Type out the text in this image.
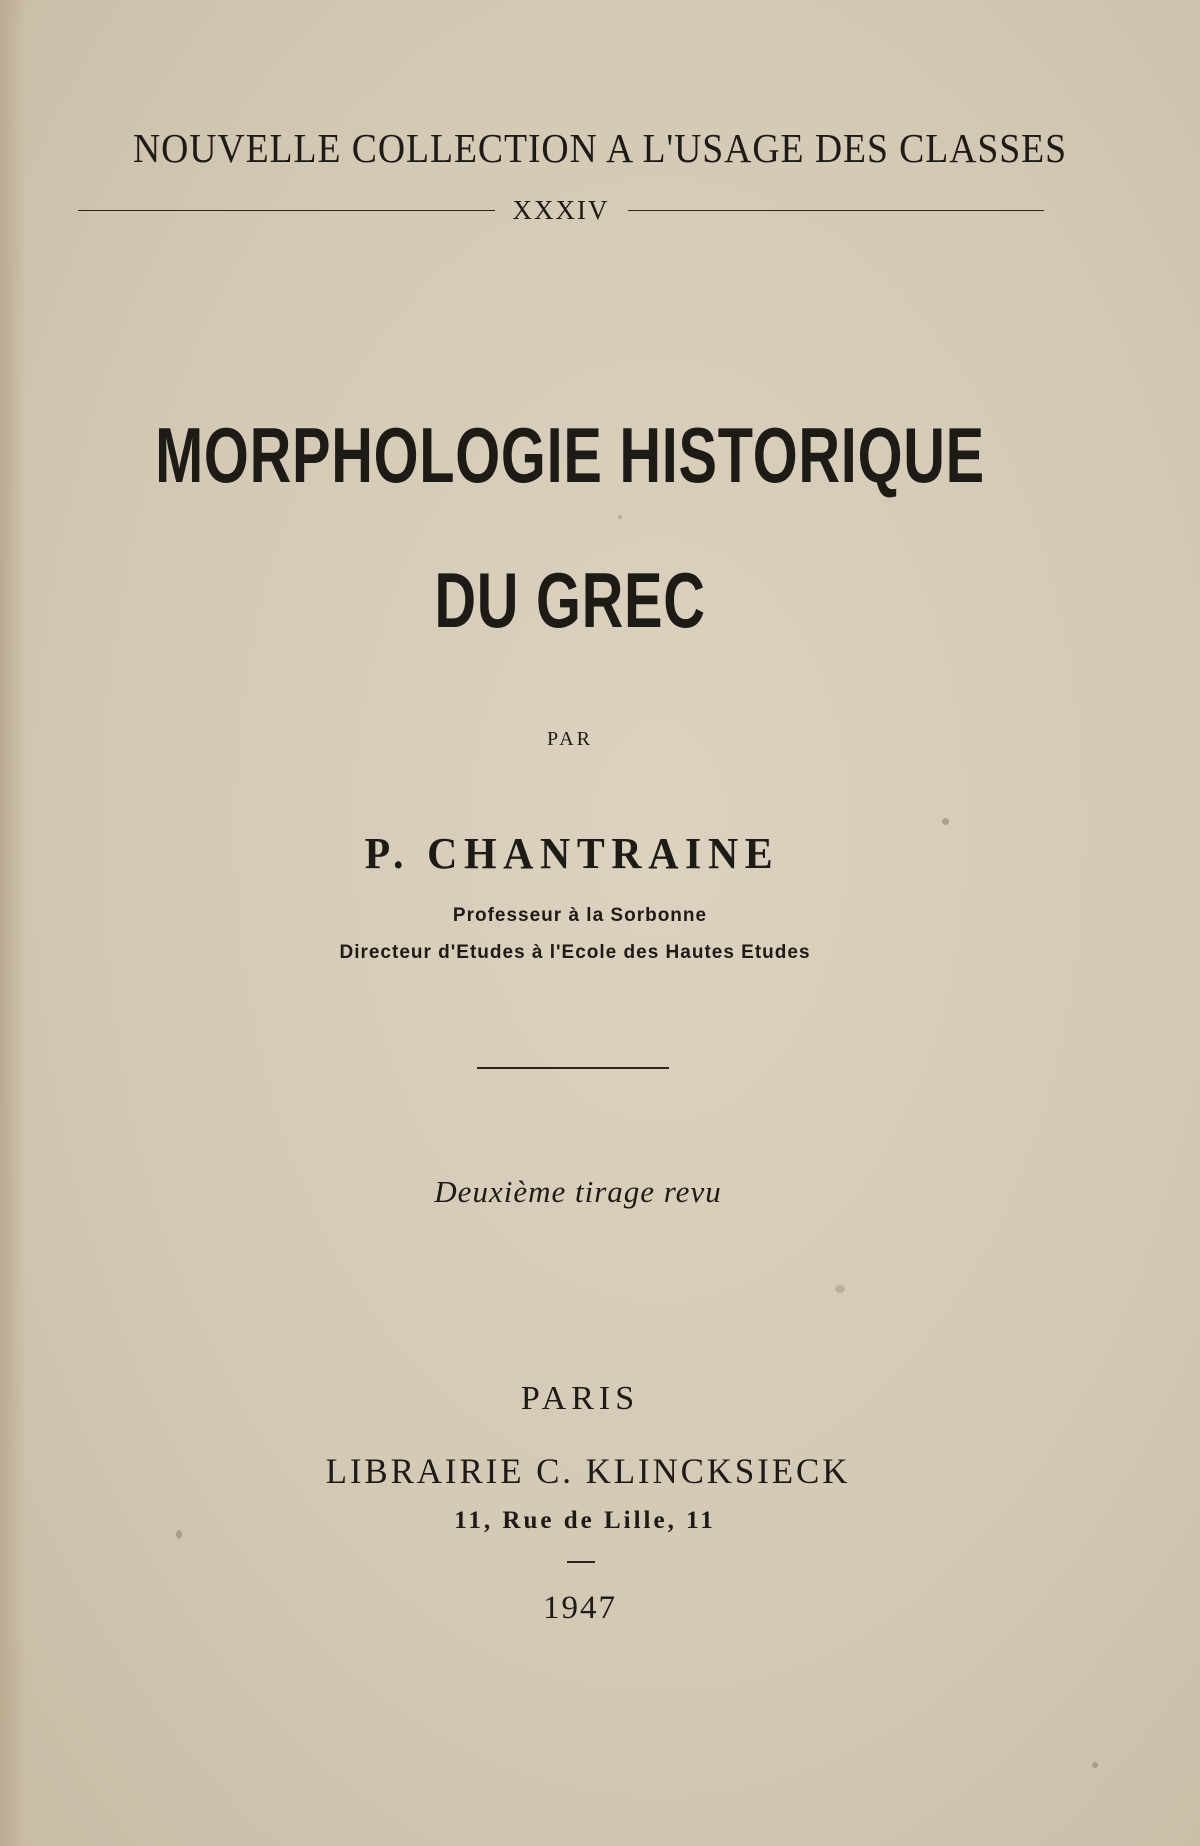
NOUVELLE COLLECTION A L'USAGE DES CLASSES
XXXIV
MORPHOLOGIE HISTORIQUE
DU GREC
PAR
P. CHANTRAINE
Professeur à la Sorbonne
Directeur d'Etudes à l'Ecole des Hautes Etudes
Deuxième tirage revu
PARIS
LIBRAIRIE C. KLINCKSIECK
11, Rue de Lille, 11
1947
